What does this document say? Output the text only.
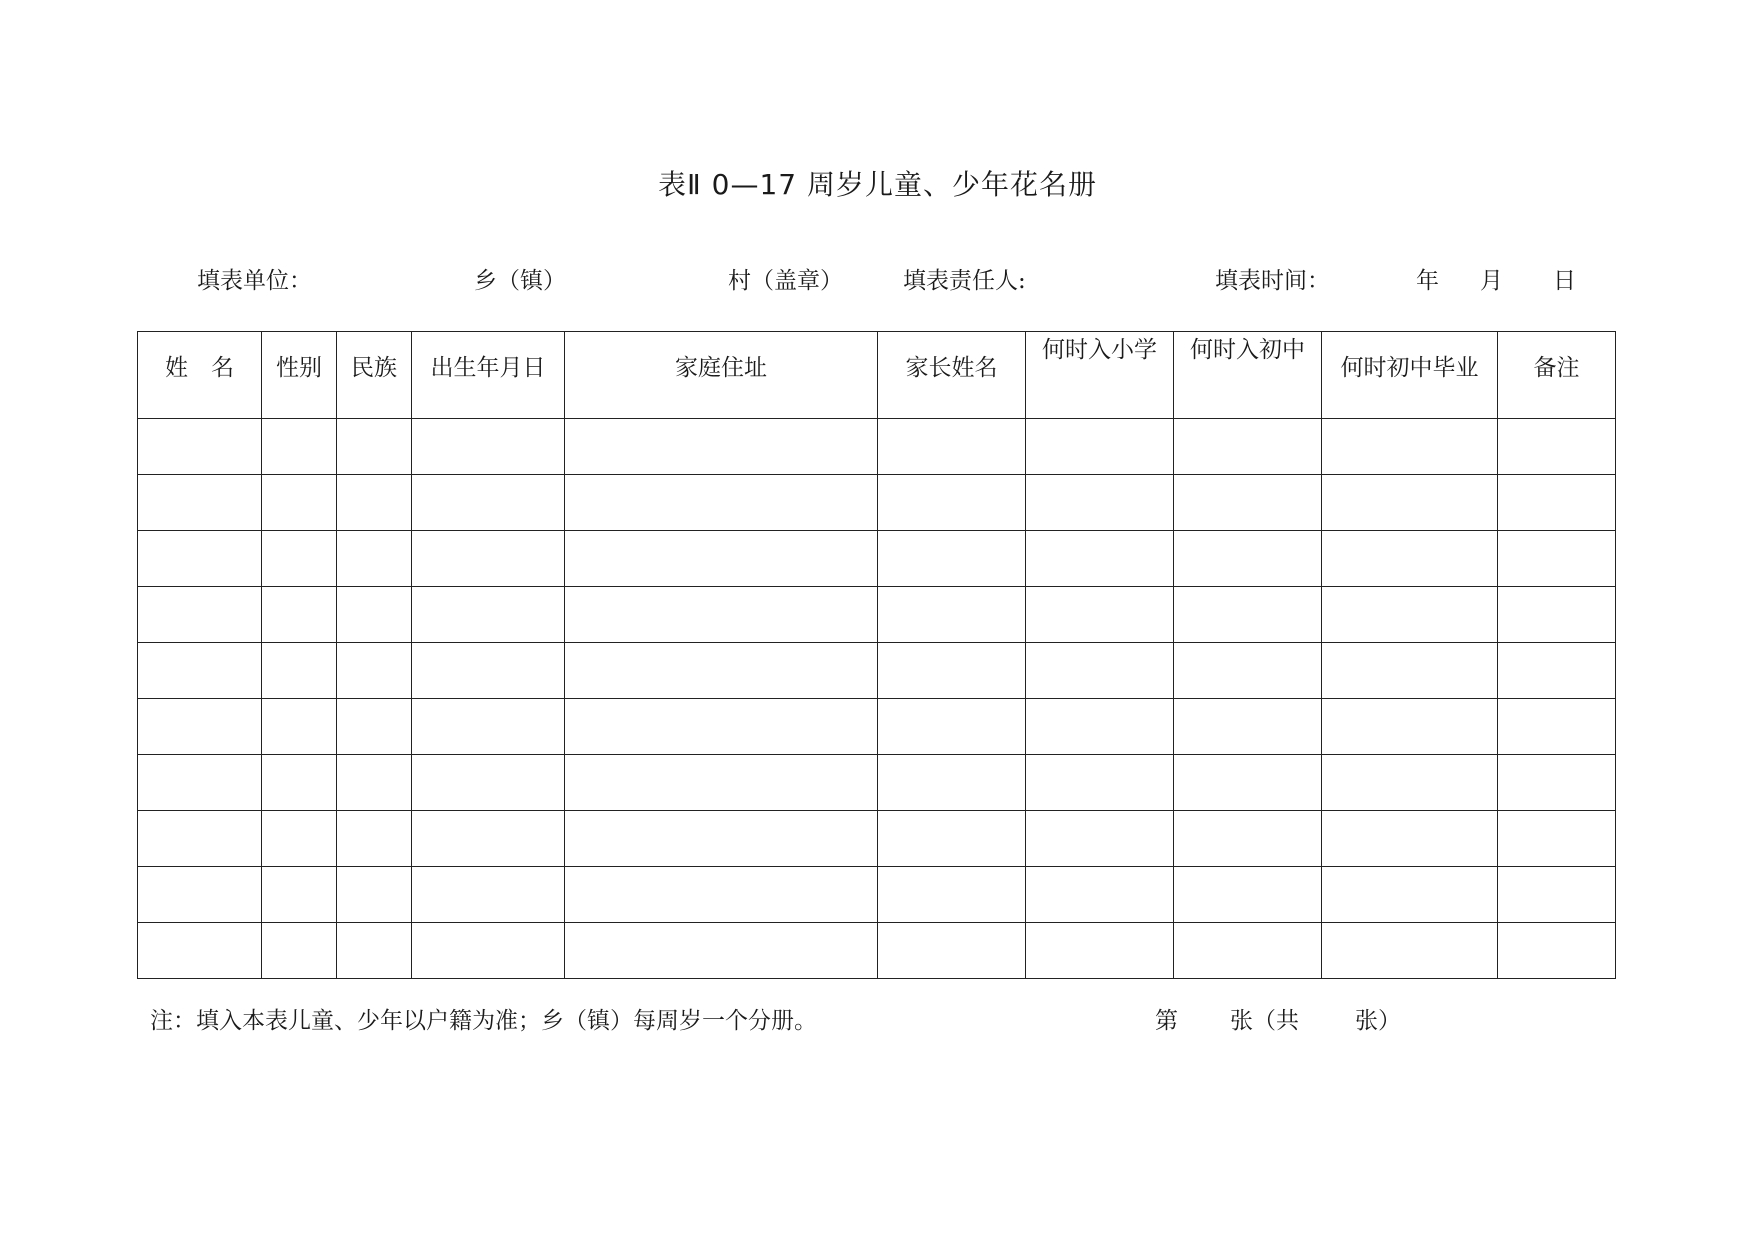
表Ⅱ 0—17 周岁儿童、少年花名册
填表单位：	乡（镇）	村（盖章）	填表责任人:	填表时间：	年 月 日
姓　名	性别	民族	出生年月日	家庭住址	家长姓名	何时入小学	何时入初中	何时初中毕业	备注

注：填入本表儿童、少年以户籍为准；乡（镇）每周岁一个分册。	第 张（共 张）
